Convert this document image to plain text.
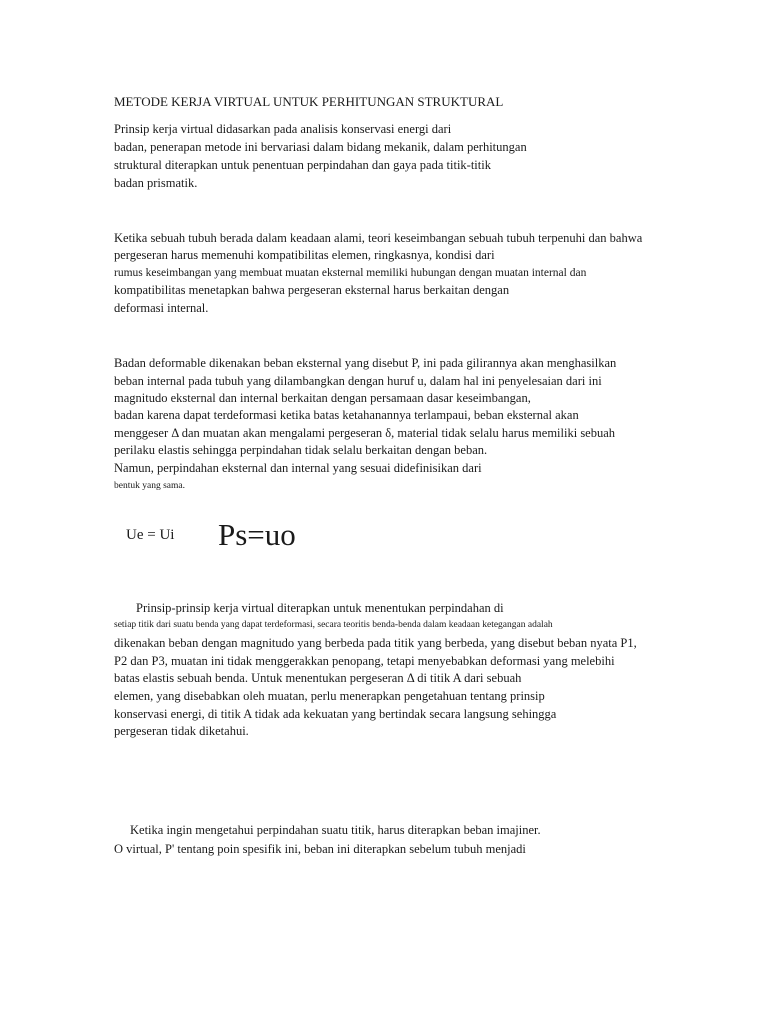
METODE KERJA VIRTUAL UNTUK PERHITUNGAN STRUKTURAL
Prinsip kerja virtual didasarkan pada analisis konservasi energi dari
badan, penerapan metode ini bervariasi dalam bidang mekanik, dalam perhitungan
struktural diterapkan untuk penentuan perpindahan dan gaya pada titik-titik
badan prismatik.
Ketika sebuah tubuh berada dalam keadaan alami, teori keseimbangan sebuah tubuh terpenuhi dan bahwa
pergeseran harus memenuhi kompatibilitas elemen, ringkasnya, kondisi dari
rumus keseimbangan yang membuat muatan eksternal memiliki hubungan dengan muatan internal dan
kompatibilitas menetapkan bahwa pergeseran eksternal harus berkaitan dengan
deformasi internal.
Badan deformable dikenakan beban eksternal yang disebut P, ini pada gilirannya akan menghasilkan
beban internal pada tubuh yang dilambangkan dengan huruf u, dalam hal ini penyelesaian dari ini
magnitudo eksternal dan internal berkaitan dengan persamaan dasar keseimbangan,
badan karena dapat terdeformasi ketika batas ketahanannya terlampaui, beban eksternal akan
menggeser Δ dan muatan akan mengalami pergeseran δ, material tidak selalu harus memiliki sebuah
perilaku elastis sehingga perpindahan tidak selalu berkaitan dengan beban.
Namun, perpindahan eksternal dan internal yang sesuai didefinisikan dari
bentuk yang sama.
Ue = Ui Ps=uo
Prinsip-prinsip kerja virtual diterapkan untuk menentukan perpindahan di
setiap titik dari suatu benda yang dapat terdeformasi, secara teoritis benda-benda dalam keadaan ketegangan adalah
dikenakan beban dengan magnitudo yang berbeda pada titik yang berbeda, yang disebut beban nyata P1,
P2 dan P3, muatan ini tidak menggerakkan penopang, tetapi menyebabkan deformasi yang melebihi
batas elastis sebuah benda. Untuk menentukan pergeseran Δ di titik A dari sebuah
elemen, yang disebabkan oleh muatan, perlu menerapkan pengetahuan tentang prinsip
konservasi energi, di titik A tidak ada kekuatan yang bertindak secara langsung sehingga
pergeseran tidak diketahui.
Ketika ingin mengetahui perpindahan suatu titik, harus diterapkan beban imajiner.
O virtual, P' tentang poin spesifik ini, beban ini diterapkan sebelum tubuh menjadi
